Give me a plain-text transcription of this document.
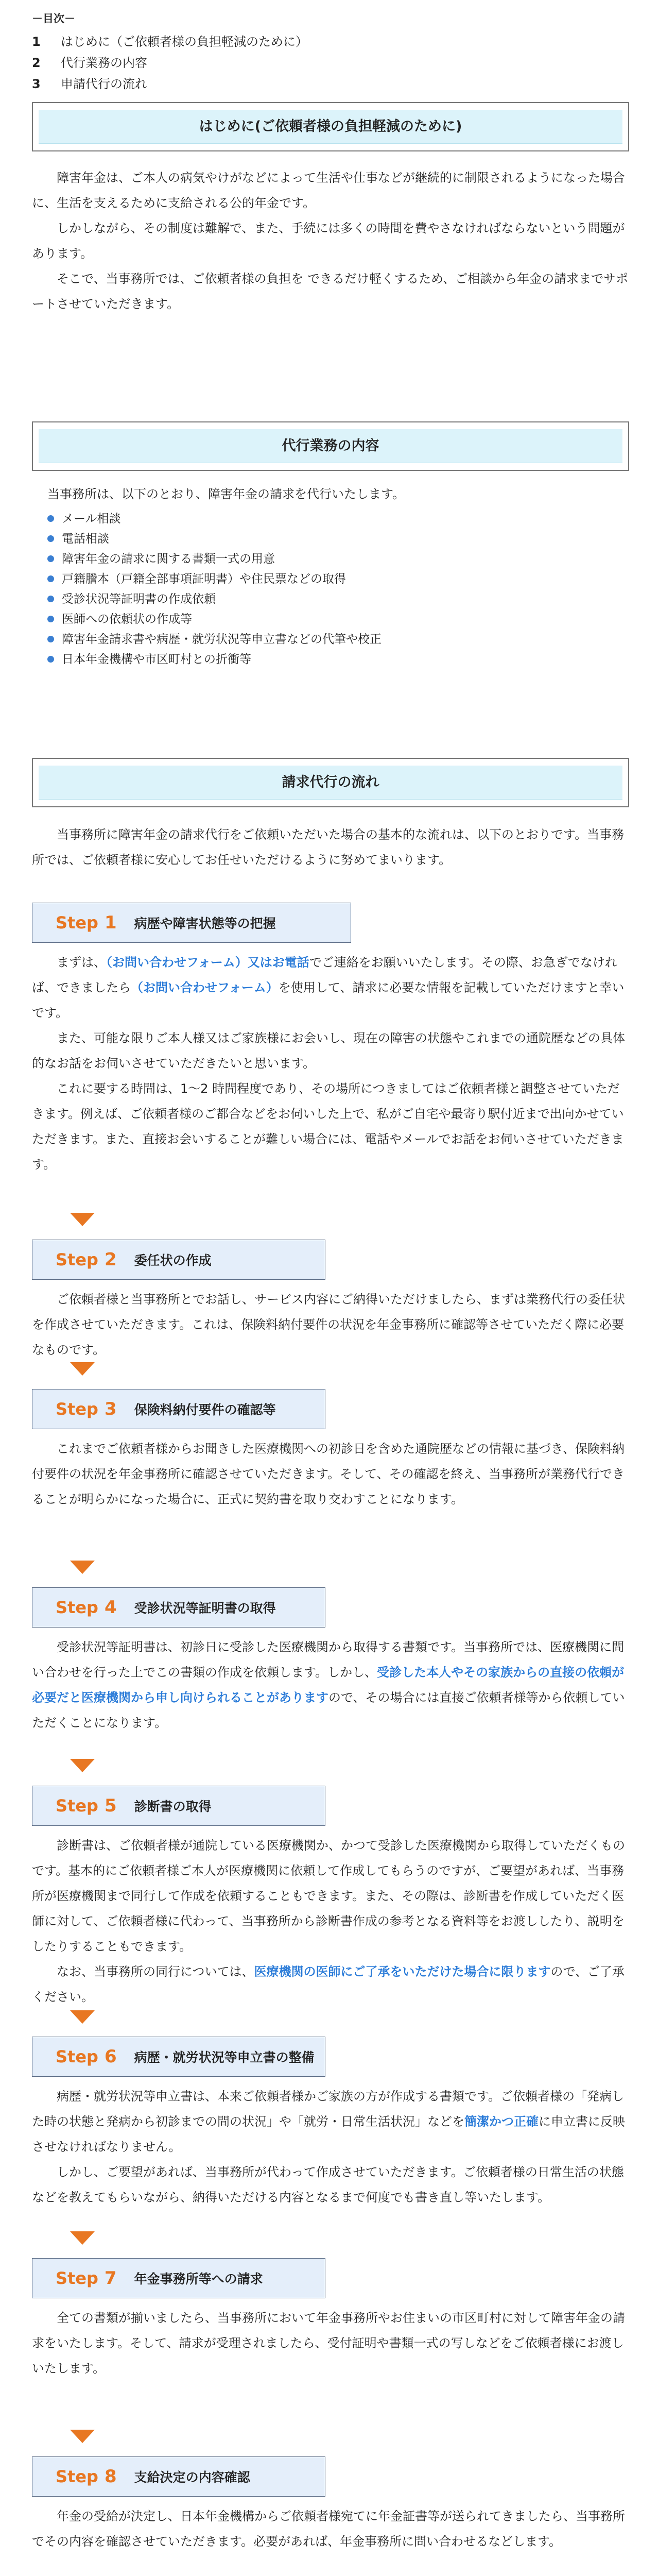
－目次－
1 はじめに（ご依頼者様の負担軽減のために）
2 代行業務の内容
3 申請代行の流れ
はじめに(ご依頼者様の負担軽減のために)

障害年金は、ご本人の病気やけがなどによって生活や仕事などが継続的に制限されるようになった場合に、生活を支えるために支給される公的年金です。

しかしながら、その制度は難解で、また、手続には多くの時間を費やさなければならないという問題があります。

そこで、当事務所では、ご依頼者様の負担を できるだけ軽くするため、ご相談から年金の請求までサポートさせていただきます。

代行業務の内容

当事務所は、以下のとおり、障害年金の請求を代行いたします。

メール相談
電話相談
障害年金の請求に関する書類一式の用意
戸籍謄本（戸籍全部事項証明書）や住民票などの取得
受診状況等証明書の作成依頼
医師への依頼状の作成等
障害年金請求書や病歴・就労状況等申立書などの代筆や校正
日本年金機構や市区町村との折衝等
請求代行の流れ

当事務所に障害年金の請求代行をご依頼いただいた場合の基本的な流れは、以下のとおりです。当事務所では、ご依頼者様に安心してお任せいただけるように努めてまいります。

Step 1 病歴や障害状態等の把握

まずは、（お問い合わせフォーム）又はお電話でご連絡をお願いいたします。その際、お急ぎでなければ、できましたら（お問い合わせフォーム）を使用して、請求に必要な情報を記載していただけますと幸いです。

また、可能な限りご本人様又はご家族様にお会いし、現在の障害の状態やこれまでの通院歴などの具体的なお話をお伺いさせていただきたいと思います。

これに要する時間は、1～2 時間程度であり、その場所につきましてはご依頼者様と調整させていただきます。例えば、ご依頼者様のご都合などをお伺いした上で、私がご自宅や最寄り駅付近まで出向かせていただきます。また、直接お会いすることが難しい場合には、電話やメールでお話をお伺いさせていただきます。

Step 2 委任状の作成

ご依頼者様と当事務所とでお話し、サービス内容にご納得いただけましたら、まずは業務代行の委任状を作成させていただきます。これは、保険料納付要件の状況を年金事務所に確認等させていただく際に必要なものです。

Step 3 保険料納付要件の確認等

これまでご依頼者様からお聞きした医療機関への初診日を含めた通院歴などの情報に基づき、保険料納付要件の状況を年金事務所に確認させていただきます。そして、その確認を終え、当事務所が業務代行できることが明らかになった場合に、正式に契約書を取り交わすことになります。

Step 4 受診状況等証明書の取得

受診状況等証明書は、初診日に受診した医療機関から取得する書類です。当事務所では、医療機関に問い合わせを行った上でこの書類の作成を依頼します。しかし、受診した本人やその家族からの直接の依頼が必要だと医療機関から申し向けられることがありますので、その場合には直接ご依頼者様等から依頼していただくことになります。

Step 5 診断書の取得

診断書は、ご依頼者様が通院している医療機関か、かつて受診した医療機関から取得していただくものです。基本的にご依頼者様ご本人が医療機関に依頼して作成してもらうのですが、ご要望があれば、当事務所が医療機関まで同行して作成を依頼することもできます。また、その際は、診断書を作成していただく医師に対して、ご依頼者様に代わって、当事務所から診断書作成の参考となる資料等をお渡ししたり、説明をしたりすることもできます。

なお、当事務所の同行については、医療機関の医師にご了承をいただけた場合に限りますので、ご了承ください。

Step 6 病歴・就労状況等申立書の整備

病歴・就労状況等申立書は、本来ご依頼者様かご家族の方が作成する書類です。ご依頼者様の「発病した時の状態と発病から初診までの間の状況」や「就労・日常生活状況」などを簡潔かつ正確に申立書に反映させなければなりません。

しかし、ご要望があれば、当事務所が代わって作成させていただきます。ご依頼者様の日常生活の状態などを教えてもらいながら、納得いただける内容となるまで何度でも書き直し等いたします。

Step 7 年金事務所等への請求

全ての書類が揃いましたら、当事務所において年金事務所やお住まいの市区町村に対して障害年金の請求をいたします。そして、請求が受理されましたら、受付証明や書類一式の写しなどをご依頼者様にお渡しいたします。

Step 8 支給決定の内容確認

年金の受給が決定し、日本年金機構からご依頼者様宛てに年金証書等が送られてきましたら、当事務所でその内容を確認させていただきます。必要があれば、年金事務所に問い合わせるなどします。
